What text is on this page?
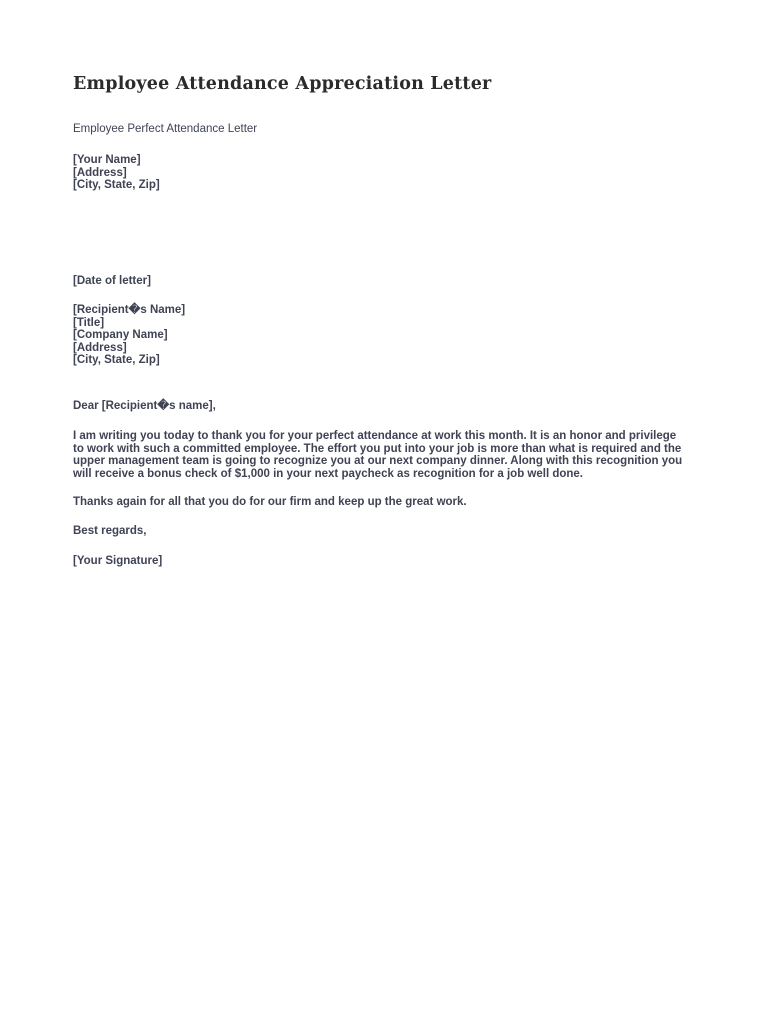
Employee Attendance Appreciation Letter
Employee Perfect Attendance Letter
[Your Name]
[Address]
[City, State, Zip]
[Date of letter]
[Recipient�s Name]
[Title]
[Company Name]
[Address]
[City, State, Zip]
Dear [Recipient�s name],
I am writing you today to thank you for your perfect attendance at work this month. It is an honor and privilege
to work with such a committed employee. The effort you put into your job is more than what is required and the
upper management team is going to recognize you at our next company dinner. Along with this recognition you
will receive a bonus check of $1,000 in your next paycheck as recognition for a job well done.
Thanks again for all that you do for our firm and keep up the great work.
Best regards,
[Your Signature]
